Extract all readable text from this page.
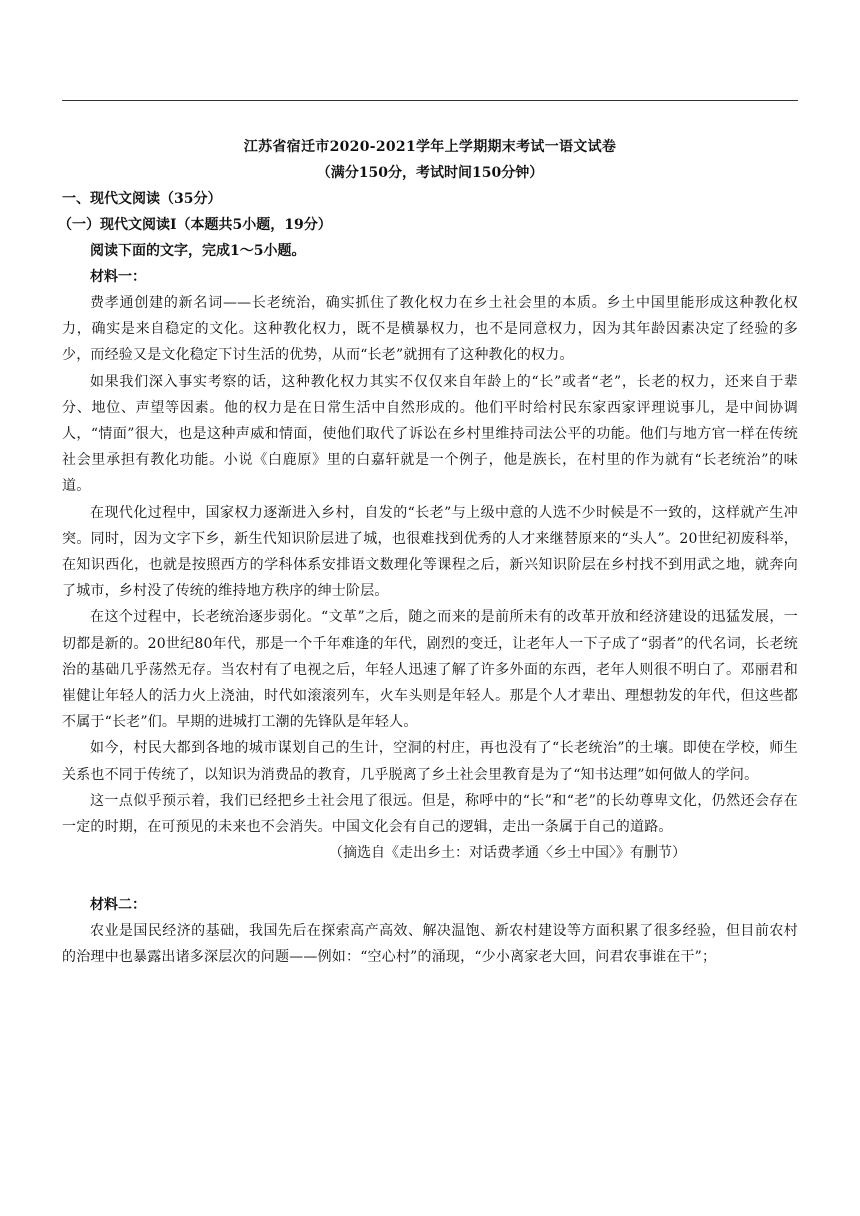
江苏省宿迁市2020-2021学年上学期期末考试一语文试卷

（满分150分，考试时间150分钟）

一、现代文阅读（35分）

（一）现代文阅读Ⅰ（本题共5小题，19分）

阅读下面的文字，完成1～5小题。

材料一：

费孝通创建的新名词——长老统治，确实抓住了教化权力在乡土社会里的本质。乡土中国里能形成这种教化权力，确实是来自稳定的文化。这种教化权力，既不是横暴权力，也不是同意权力，因为其年龄因素决定了经验的多少，而经验又是文化稳定下讨生活的优势，从而“长老”就拥有了这种教化的权力。

如果我们深入事实考察的话，这种教化权力其实不仅仅来自年龄上的“长”或者“老”，长老的权力，还来自于辈分、地位、声望等因素。他的权力是在日常生活中自然形成的。他们平时给村民东家西家评理说事儿，是中间协调人，“情面”很大，也是这种声威和情面，使他们取代了诉讼在乡村里维持司法公平的功能。他们与地方官一样在传统社会里承担有教化功能。小说《白鹿原》里的白嘉轩就是一个例子，他是族长，在村里的作为就有“长老统治”的味道。

在现代化过程中，国家权力逐渐进入乡村，自发的“长老”与上级中意的人选不少时候是不一致的，这样就产生冲突。同时，因为文字下乡，新生代知识阶层进了城，也很难找到优秀的人才来继替原来的“头人”。20世纪初废科举，在知识西化，也就是按照西方的学科体系安排语文数理化等课程之后，新兴知识阶层在乡村找不到用武之地，就奔向了城市，乡村没了传统的维持地方秩序的绅士阶层。

在这个过程中，长老统治逐步弱化。“文革”之后，随之而来的是前所未有的改革开放和经济建设的迅猛发展，一切都是新的。20世纪80年代，那是一个千年难逢的年代，剧烈的变迁，让老年人一下子成了“弱者”的代名词，长老统治的基础几乎荡然无存。当农村有了电视之后，年轻人迅速了解了许多外面的东西，老年人则很不明白了。邓丽君和崔健让年轻人的活力火上浇油，时代如滚滚列车，火车头则是年轻人。那是个人才辈出、理想勃发的年代，但这些都不属于“长老”们。早期的进城打工潮的先锋队是年轻人。

如今，村民大都到各地的城市谋划自己的生计，空洞的村庄，再也没有了“长老统治”的土壤。即使在学校，师生关系也不同于传统了，以知识为消费品的教育，几乎脱离了乡土社会里教育是为了“知书达理”如何做人的学问。

这一点似乎预示着，我们已经把乡土社会甩了很远。但是，称呼中的“长”和“老”的长幼尊卑文化，仍然还会存在一定的时期，在可预见的未来也不会消失。中国文化会有自己的逻辑，走出一条属于自己的道路。

（摘选自《走出乡土：对话费孝通〈乡土中国〉》有删节）

材料二：

农业是国民经济的基础，我国先后在探索高产高效、解决温饱、新农村建设等方面积累了很多经验，但目前农村的治理中也暴露出诸多深层次的问题——例如：“空心村”的涌现，“少小离家老大回，问君农事谁在干”；
